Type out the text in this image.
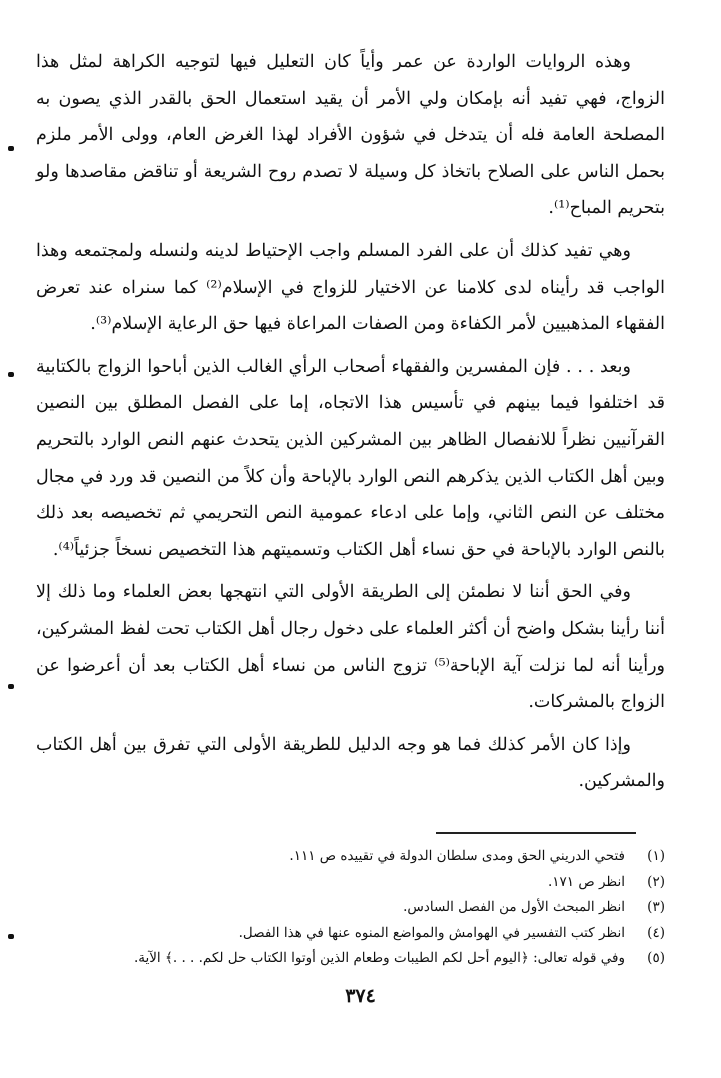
وهذه الروايات الواردة عن عمر وأياً كان التعليل فيها لتوجيه الكراهة لمثل هذا الزواج، فهي تفيد أنه بإمكان ولي الأمر أن يقيد استعمال الحق بالقدر الذي يصون به المصلحة العامة فله أن يتدخل في شؤون الأفراد لهذا الغرض العام، وولى الأمر ملزم بحمل الناس على الصلاح باتخاذ كل وسيلة لا تصدم روح الشريعة أو تناقض مقاصدها ولو بتحريم المباح⁽¹⁾.

وهي تفيد كذلك أن على الفرد المسلم واجب الإحتياط لدينه ولنسله ولمجتمعه وهذا الواجب قد رأيناه لدى كلامنا عن الاختيار للزواج في الإسلام⁽²⁾ كما سنراه عند تعرض الفقهاء المذهبيين لأمر الكفاءة ومن الصفات المراعاة فيها حق الرعاية الإسلام⁽³⁾.

وبعد . . . فإن المفسرين والفقهاء أصحاب الرأي الغالب الذين أباحوا الزواج بالكتابية قد اختلفوا فيما بينهم في تأسيس هذا الاتجاه، إما على الفصل المطلق بين النصين القرآنيين نظراً للانفصال الظاهر بين المشركين الذين يتحدث عنهم النص الوارد بالتحريم وبين أهل الكتاب الذين يذكرهم النص الوارد بالإباحة وأن كلاً من النصين قد ورد في مجال مختلف عن النص الثاني، وإما على ادعاء عمومية النص التحريمي ثم تخصيصه بعد ذلك بالنص الوارد بالإباحة في حق نساء أهل الكتاب وتسميتهم هذا التخصيص نسخاً جزئياً⁽⁴⁾.

وفي الحق أننا لا نطمئن إلى الطريقة الأولى التي انتهجها بعض العلماء وما ذلك إلا أننا رأينا بشكل واضح أن أكثر العلماء على دخول رجال أهل الكتاب تحت لفظ المشركين، ورأينا أنه لما نزلت آية الإباحة⁽⁵⁾ تزوج الناس من نساء أهل الكتاب بعد أن أعرضوا عن الزواج بالمشركات.

وإذا كان الأمر كذلك فما هو وجه الدليل للطريقة الأولى التي تفرق بين أهل الكتاب والمشركين.

(١)
فتحي الدريني الحق ومدى سلطان الدولة في تقييده ص ١١١.
(٢)
انظر ص ١٧١.
(٣)
انظر المبحث الأول من الفصل السادس.
(٤)
انظر كتب التفسير في الهوامش والمواضع المنوه عنها في هذا الفصل.
(٥)
وفي قوله تعالى: ﴿اليوم أحل لكم الطيبات وطعام الذين أوتوا الكتاب حل لكم. . . .﴾ الآية.
٣٧٤
